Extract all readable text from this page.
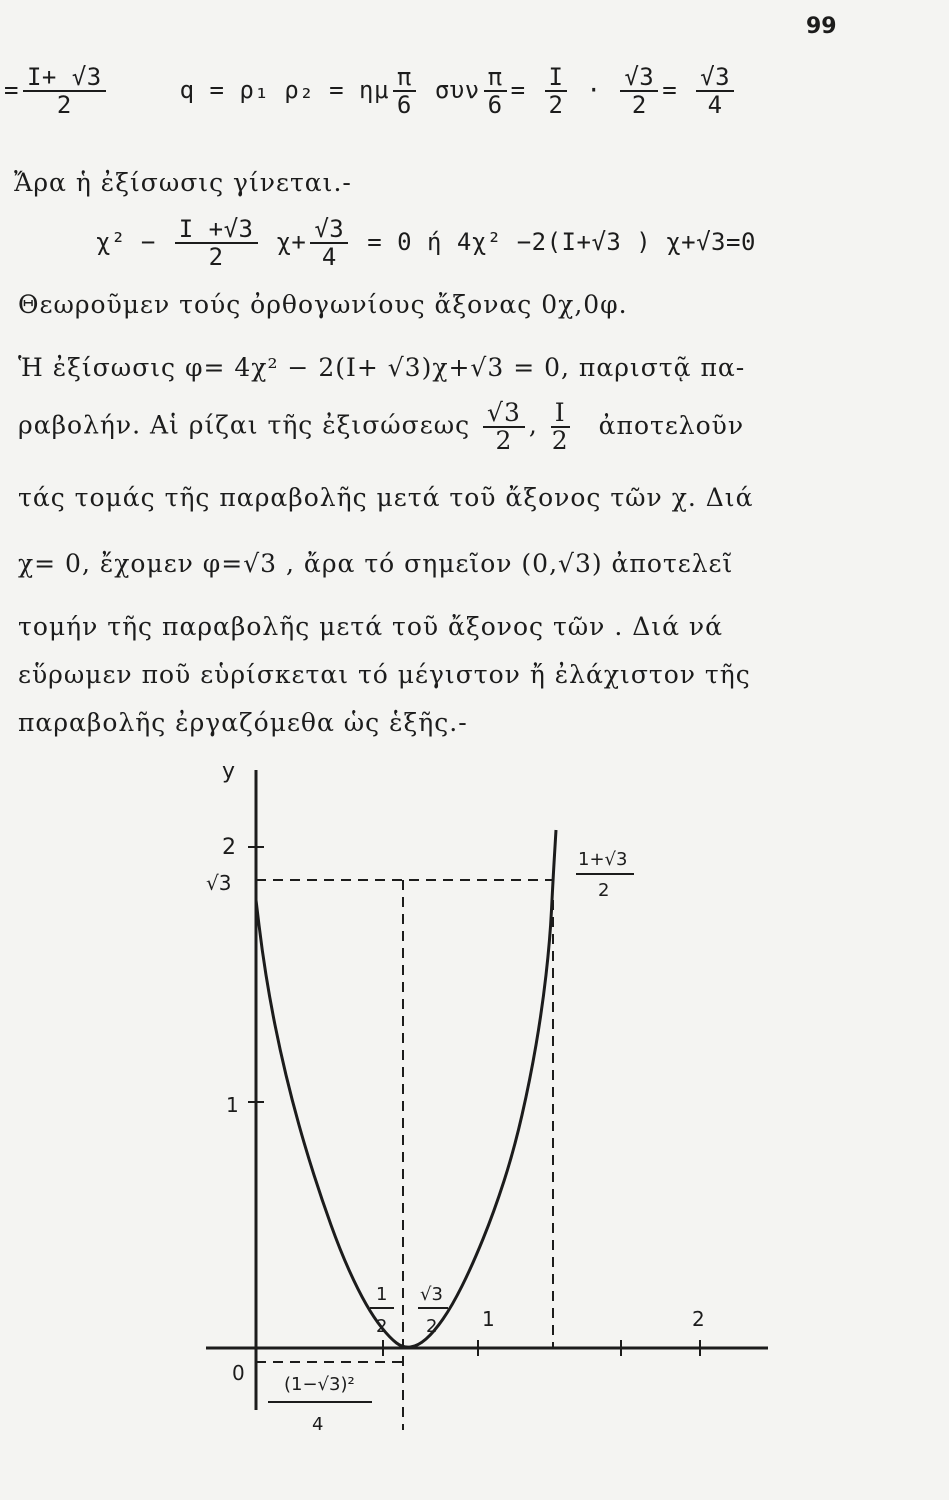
99
= $\frac{I+ √3}{2}$	q = ρ₁ ρ₂ = ημ $\frac{\pi}{6}$ συν $\frac{\pi}{6} = \frac{I}{2} \cdot \frac{√3}{2} = \frac{√3}{4}$
Ἄρα ἡ ἐξίσωσις γίνεται.-
$\chi^2 - \frac{I +√3}{2} \chi+ \frac{√3}{4} = 0$ ή 4χ² −2(I+√3 ) χ+√3=0
Θεωροῦμεν τούς ὀρθογωνίους ἄξονας 0χ,0φ.
Ἡ ἐξίσωσις φ= 4χ² − 2(I+ √3)χ+√3 = 0, παριστᾷ πα-
ραβολήν. Αἱ ρίζαι τῆς ἐξισώσεως $\frac{√3}{2}$ , $\frac{I}{2}$ ἀποτελοῦν
τάς τομάς τῆς παραβολῆς μετά τοῦ ἄξονος τῶν χ. Διά
χ= 0, ἔχομεν φ=√3 , ἄρα τό σημεῖον (0,√3) ἀποτελεῖ
τομήν τῆς παραβολῆς μετά τοῦ ἄξονος τῶν . Διά νά
εὕρωμεν ποῦ εὑρίσκεται τό μέγιστον ἤ ἐλάχιστον τῆς
παραβολῆς ἐργαζόμεθα ὡς ἑξῆς.-
y
2
√3
1
0
1
2
√3
2 1	2
1+√3
2
(1−√3)²
4
